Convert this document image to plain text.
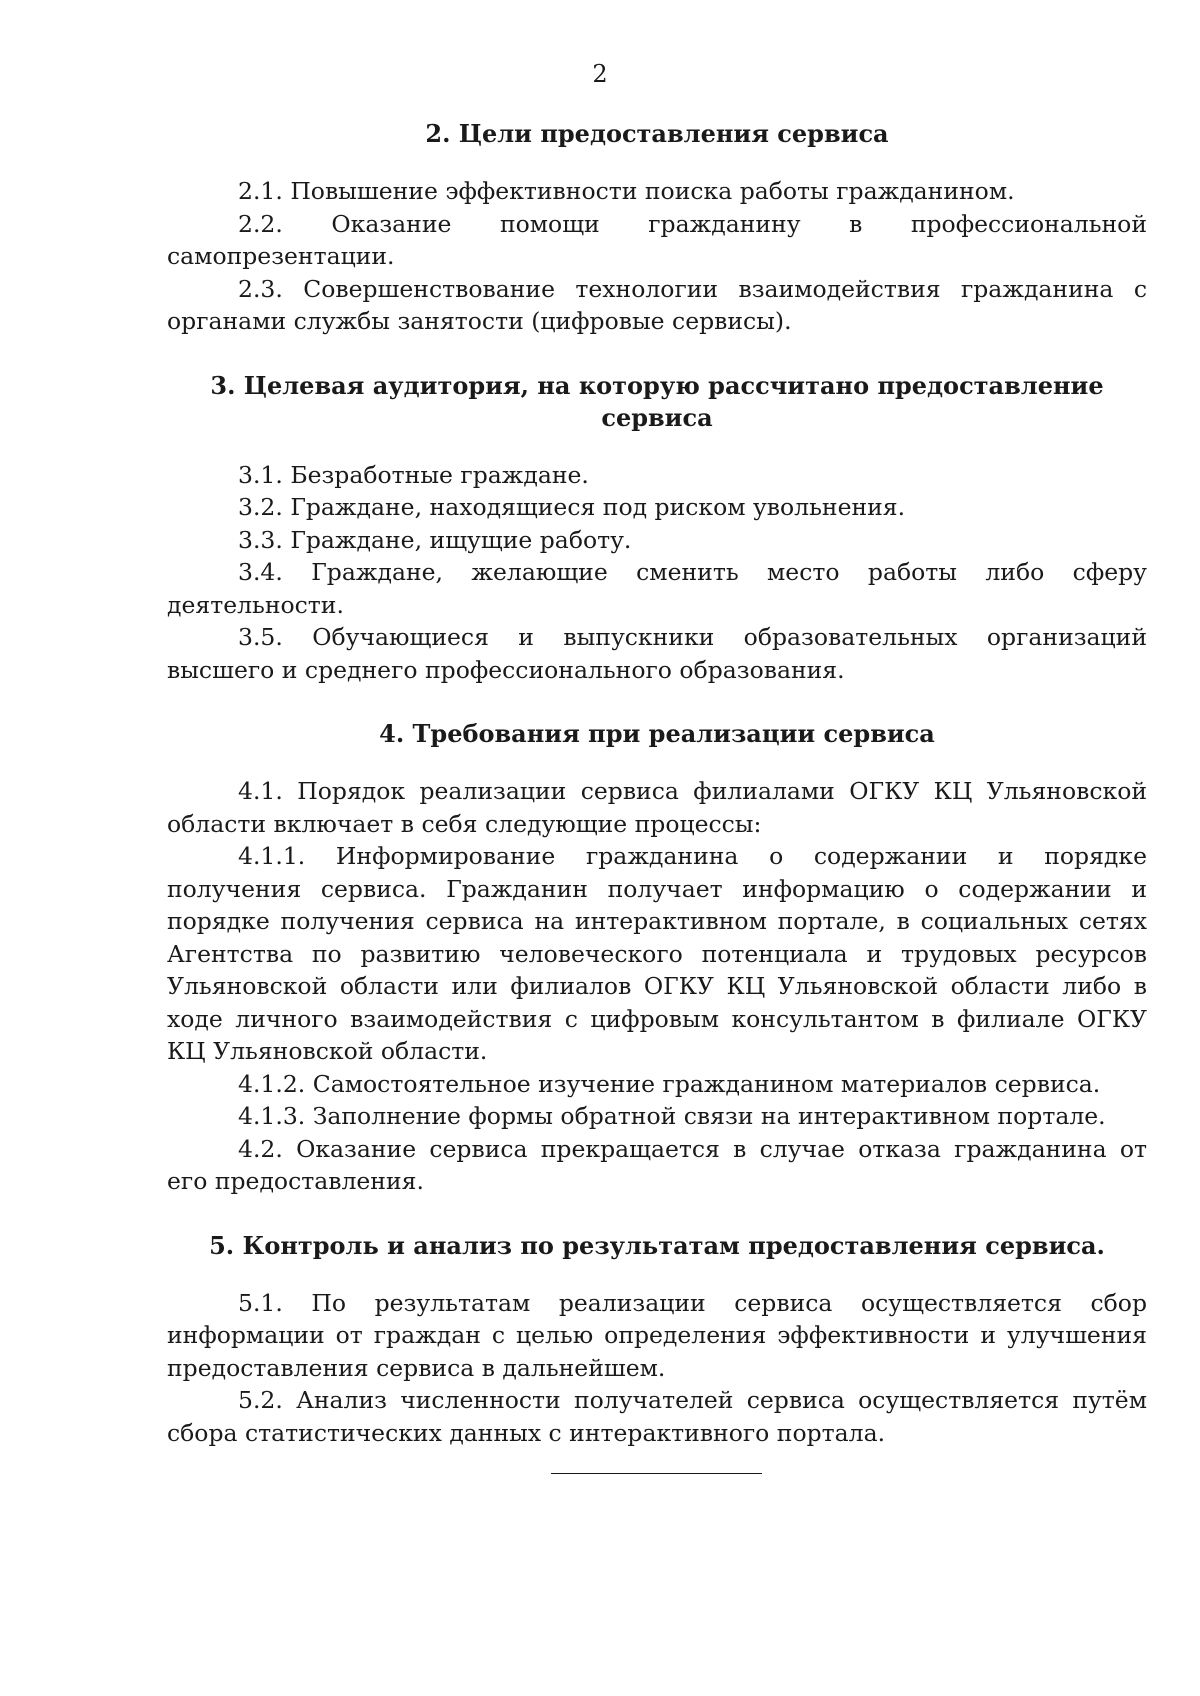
2
2. Цели предоставления сервиса

2.1. Повышение эффективности поиска работы гражданином.

2.2. Оказание помощи гражданину в профессиональной самопрезентации.

2.3. Совершенствование технологии взаимодействия гражданина с органами службы занятости (цифровые сервисы).

3. Целевая аудитория, на которую рассчитано предоставление сервиса

3.1. Безработные граждане.

3.2. Граждане, находящиеся под риском увольнения.

3.3. Граждане, ищущие работу.

3.4. Граждане, желающие сменить место работы либо сферу деятельности.

3.5. Обучающиеся и выпускники образовательных организаций высшего и среднего профессионального образования.

4. Требования при реализации сервиса

4.1. Порядок реализации сервиса филиалами ОГКУ КЦ Ульяновской области включает в себя следующие процессы:

4.1.1. Информирование гражданина о содержании и порядке получения сервиса. Гражданин получает информацию о содержании и порядке получения сервиса на интерактивном портале, в социальных сетях Агентства по развитию человеческого потенциала и трудовых ресурсов Ульяновской области или филиалов ОГКУ КЦ Ульяновской области либо в ходе личного взаимодействия с цифровым консультантом в филиале ОГКУ КЦ Ульяновской области.

4.1.2. Самостоятельное изучение гражданином материалов сервиса.

4.1.3. Заполнение формы обратной связи на интерактивном портале.

4.2. Оказание сервиса прекращается в случае отказа гражданина от его предоставления.

5. Контроль и анализ по результатам предоставления сервиса.

5.1. По результатам реализации сервиса осуществляется сбор информации от граждан с целью определения эффективности и улучшения предоставления сервиса в дальнейшем.

5.2. Анализ численности получателей сервиса осуществляется путём сбора статистических данных с интерактивного портала.
